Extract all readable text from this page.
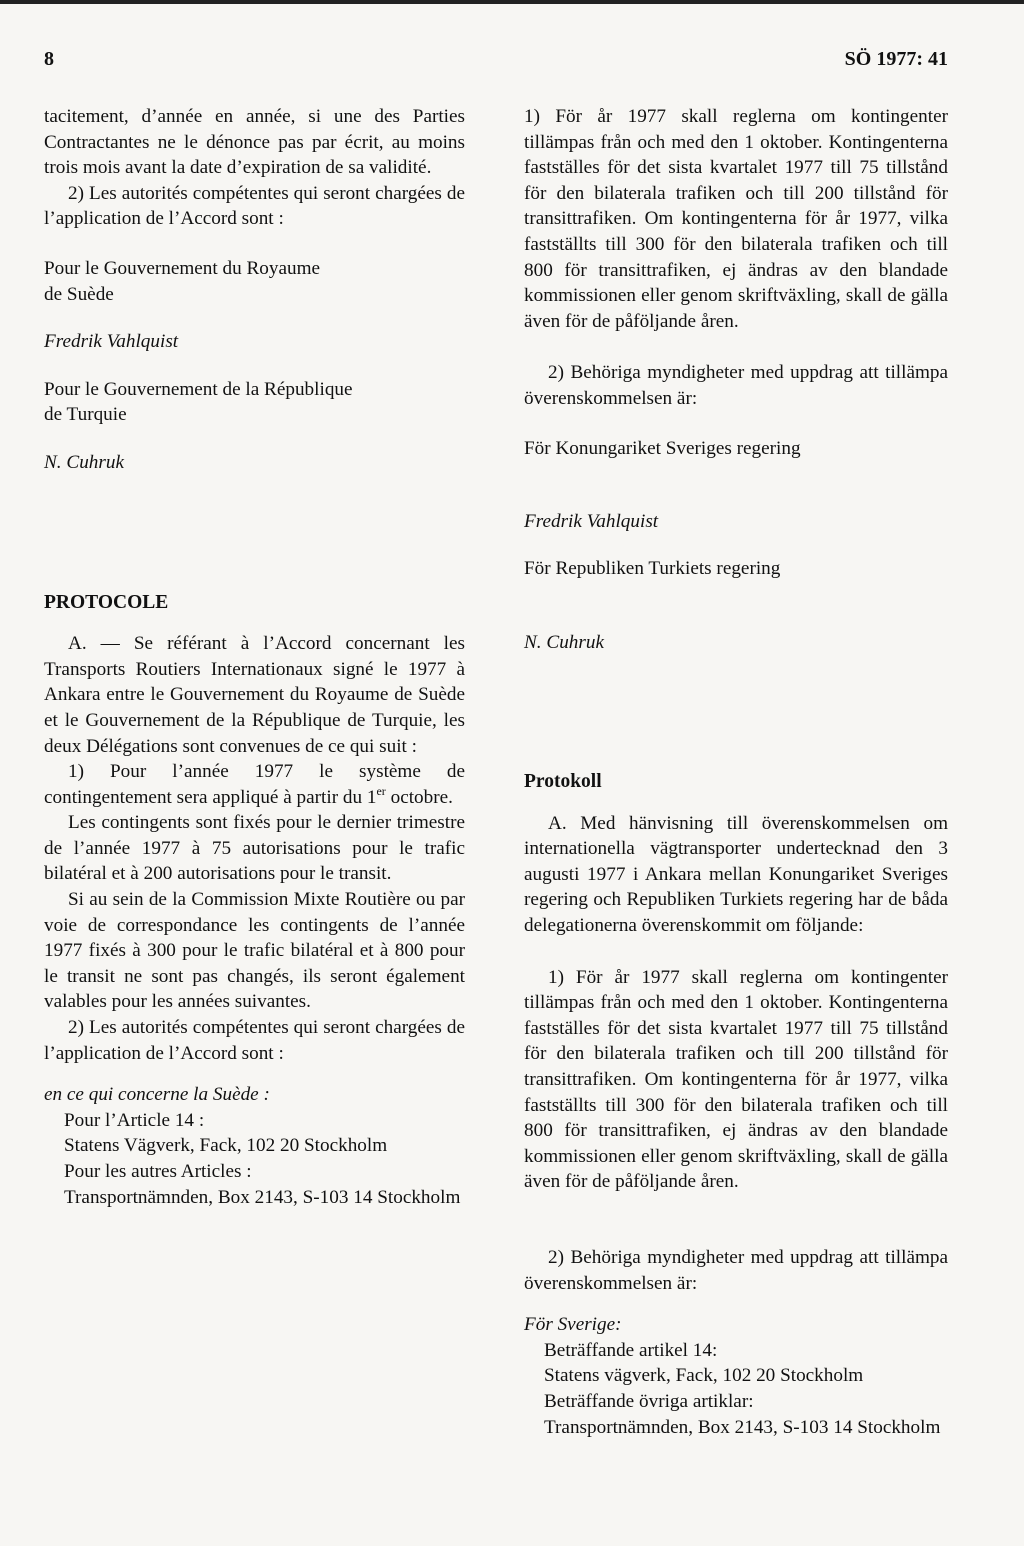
8	SÖ 1977: 41

tacitement, d’année en année, si une des Parties Contractantes ne le dénonce pas par écrit, au moins trois mois avant la date d’expiration de sa validité.

2) Les autorités compétentes qui seront chargées de l’application de l’Accord sont :

Pour le Gouvernement du Royaume

de Suède

Fredrik Vahlquist

Pour le Gouvernement de la République

de Turquie

N. Cuhruk

PROTOCOLE

A. — Se référant à l’Accord concernant les Transports Routiers Internationaux signé le 1977 à Ankara entre le Gouvernement du Royaume de Suède et le Gouvernement de la République de Turquie, les deux Délégations sont convenues de ce qui suit :

1) Pour l’année 1977 le système de contingentement sera appliqué à partir du 1er octobre.

Les contingents sont fixés pour le dernier trimestre de l’année 1977 à 75 autorisations pour le trafic bilatéral et à 200 autorisations pour le transit.

Si au sein de la Commission Mixte Routière ou par voie de correspondance les contingents de l’année 1977 fixés à 300 pour le trafic bilatéral et à 800 pour le transit ne sont pas changés, ils seront également valables pour les années suivantes.

2) Les autorités compétentes qui seront chargées de l’application de l’Accord sont :

en ce qui concerne la Suède :

Pour l’Article 14 :

Statens Vägverk, Fack, 102 20 Stockholm

Pour les autres Articles :

Transportnämnden, Box 2143, S-103 14 Stockholm

1) För år 1977 skall reglerna om kontingenter tillämpas från och med den 1 oktober. Kontingenterna fastställes för det sista kvartalet 1977 till 75 tillstånd för den bilaterala trafiken och till 200 tillstånd för transittrafiken. Om kontingenterna för år 1977, vilka fastställts till 300 för den bilaterala trafiken och till 800 för transittrafiken, ej ändras av den blandade kommissionen eller genom skriftväxling, skall de gälla även för de påföljande åren.

2) Behöriga myndigheter med uppdrag att tillämpa överenskommelsen är:

För Konungariket Sveriges regering

Fredrik Vahlquist

För Republiken Turkiets regering

N. Cuhruk

Protokoll

A. Med hänvisning till överenskommelsen om internationella vägtransporter undertecknad den 3 augusti 1977 i Ankara mellan Konungariket Sveriges regering och Republiken Turkiets regering har de båda delegationerna överenskommit om följande:

1) För år 1977 skall reglerna om kontingenter tillämpas från och med den 1 oktober. Kontingenterna fastställes för det sista kvartalet 1977 till 75 tillstånd för den bilaterala trafiken och till 200 tillstånd för transittrafiken. Om kontingenterna för år 1977, vilka fastställts till 300 för den bilaterala trafiken och till 800 för transittrafiken, ej ändras av den blandade kommissionen eller genom skriftväxling, skall de gälla även för de påföljande åren.

2) Behöriga myndigheter med uppdrag att tillämpa överenskommelsen är:

För Sverige:

Beträffande artikel 14:

Statens vägverk, Fack, 102 20 Stockholm

Beträffande övriga artiklar:

Transportnämnden, Box 2143, S-103 14 Stockholm
